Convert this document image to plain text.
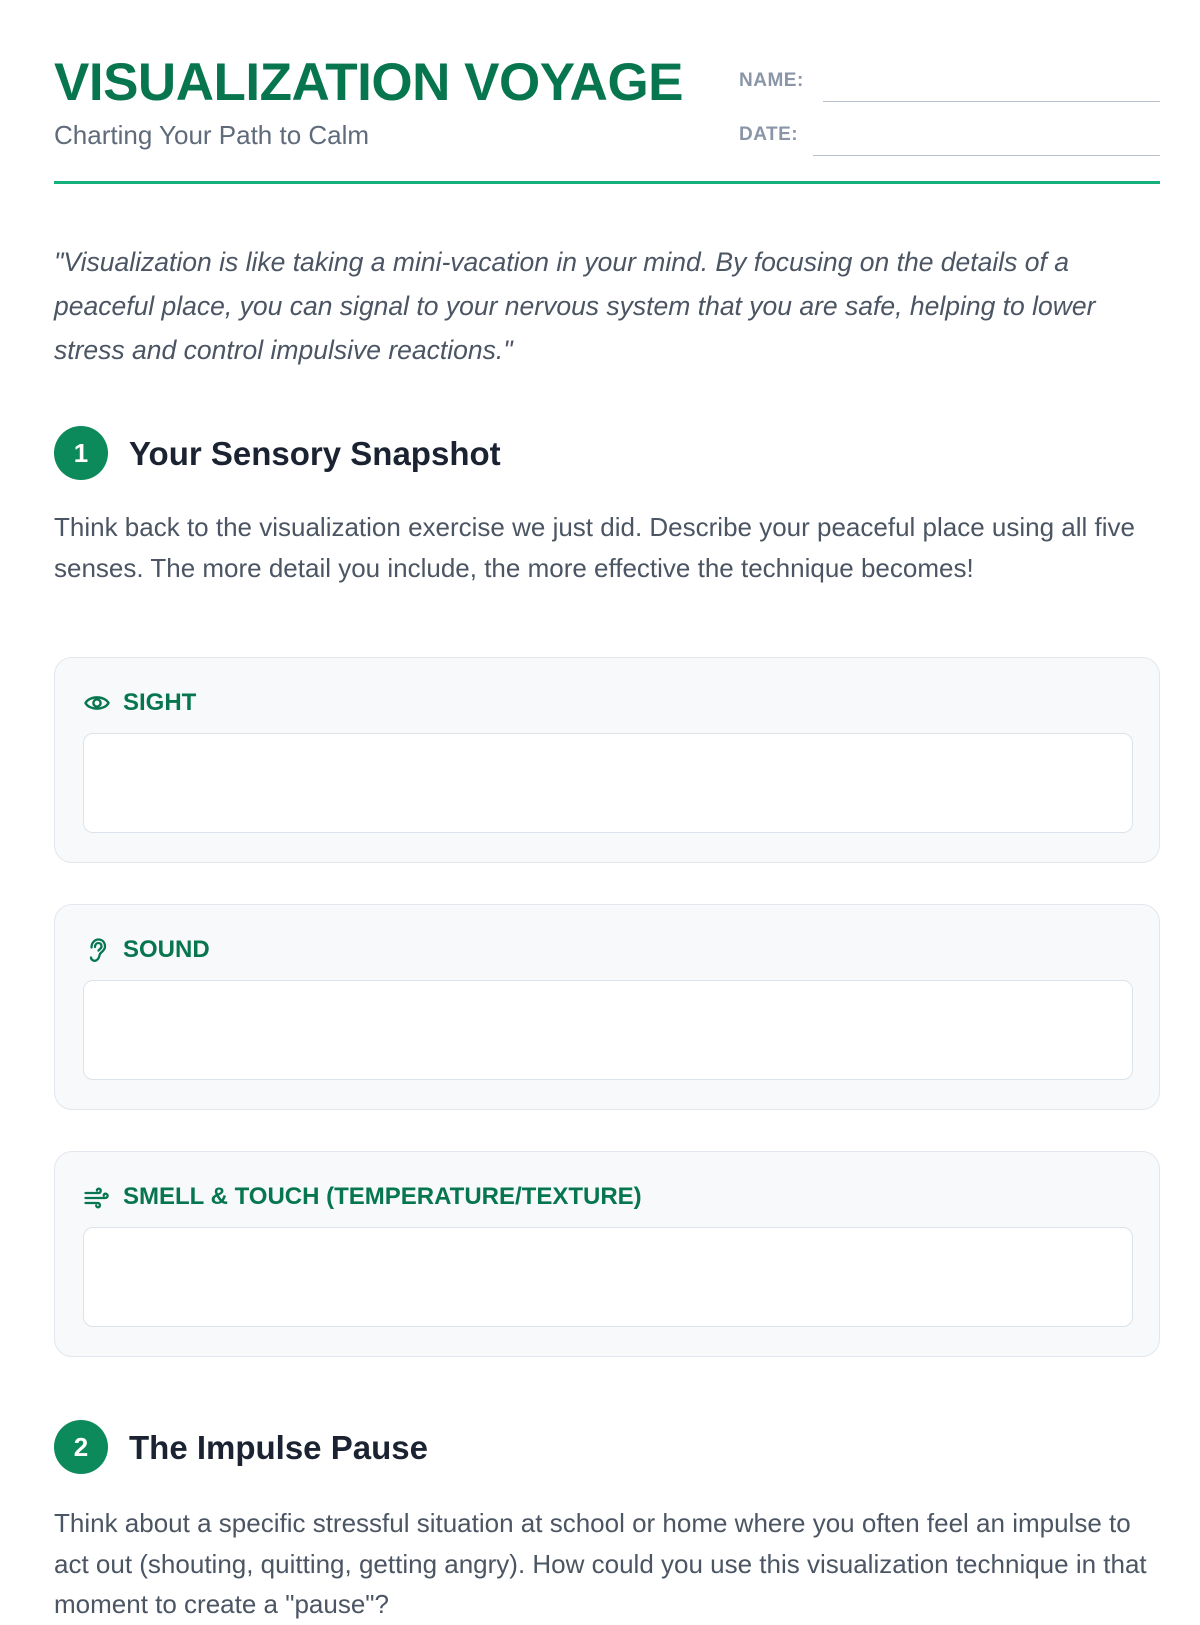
VISUALIZATION VOYAGE
Charting Your Path to Calm
NAME:
DATE:

"Visualization is like taking a mini-vacation in your mind. By focusing on the details of a peaceful place, you can signal to your nervous system that you are safe, helping to lower stress and control impulsive reactions."

1	Your Sensory Snapshot

Think back to the visualization exercise we just did. Describe your peaceful place using all five senses. The more detail you include, the more effective the technique becomes!

SIGHT
SOUND
SMELL & TOUCH (TEMPERATURE/TEXTURE)
2	The Impulse Pause

Think about a specific stressful situation at school or home where you often feel an impulse to act out (shouting, quitting, getting angry). How could you use this visualization technique in that moment to create a "pause"?
